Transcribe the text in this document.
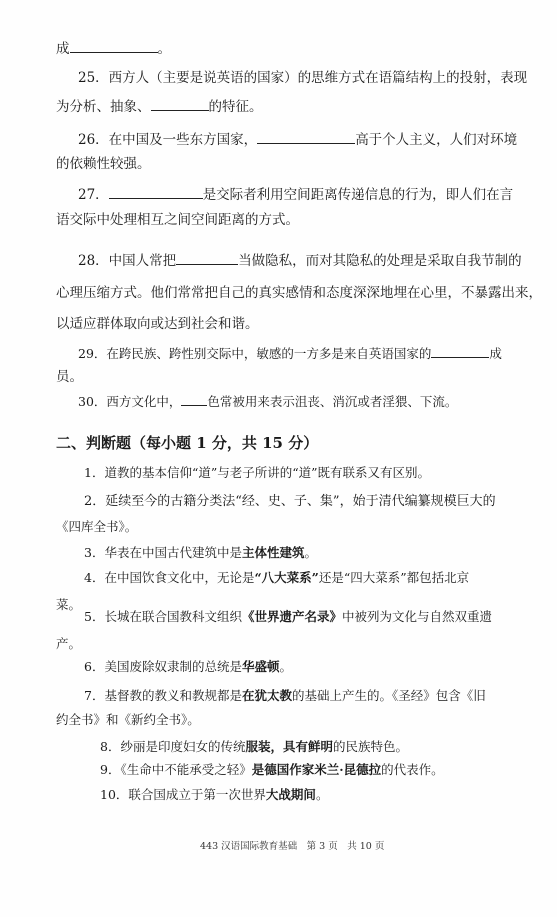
成	。
25．西方人（主要是说英语的国家）的思维方式在语篇结构上的投射，表现
为分析、抽象、	的特征。
26．在中国及一些东方国家，	高于个人主义，人们对环境
的依赖性较强。
27．	是交际者利用空间距离传递信息的行为，即人们在言
语交际中处理相互之间空间距离的方式。
28．中国人常把	当做隐私，而对其隐私的处理是采取自我节制的
心理压缩方式。他们常常把自己的真实感情和态度深深地埋在心里，不暴露出来，
以适应群体取向或达到社会和谐。
29．在跨民族、跨性别交际中，敏感的一方多是来自英语国家的	成
员。
30．西方文化中， 色常被用来表示沮丧、消沉或者淫猥、下流。
二、判断题（每小题 1 分，共 15 分）
1．道教的基本信仰“道”与老子所讲的“道”既有联系又有区别。
2．延续至今的古籍分类法“经、史、子、集”，始于清代编纂规模巨大的
《四库全书》。
3．华表在中国古代建筑中是主体性建筑。
4．在中国饮食文化中，无论是“八大菜系”还是“四大菜系”都包括北京
菜。
5．长城在联合国教科文组织《世界遗产名录》中被列为文化与自然双重遗
产。
6．美国废除奴隶制的总统是华盛顿。
7．基督教的教义和教规都是在犹太教的基础上产生的。《圣经》包含《旧
约全书》和《新约全书》。
8．纱丽是印度妇女的传统服装，具有鲜明的民族特色。
9．《生命中不能承受之轻》是德国作家米兰·昆德拉的代表作。
10．联合国成立于第一次世界大战期间。
443 汉语国际教育基础　第 3 页　共 10 页
